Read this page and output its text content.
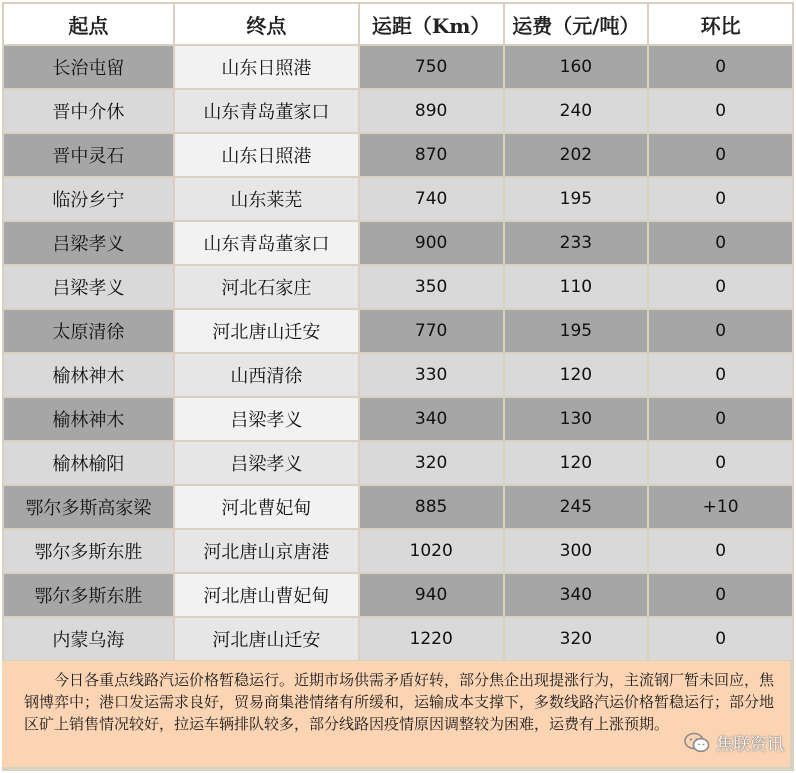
起点	终点	运距（Km）	运费（元/吨）	环比
长治屯留	山东日照港	750	160	0
晋中介休	山东青岛董家口	890	240	0
晋中灵石	山东日照港	870	202	0
临汾乡宁	山东莱芜	740	195	0
吕梁孝义	山东青岛董家口	900	233	0
吕梁孝义	河北石家庄	350	110	0
太原清徐	河北唐山迁安	770	195	0
榆林神木	山西清徐	330	120	0
榆林神木	吕梁孝义	340	130	0
榆林榆阳	吕梁孝义	320	120	0
鄂尔多斯高家梁	河北曹妃甸	885	245	+10
鄂尔多斯东胜	河北唐山京唐港	1020	300	0
鄂尔多斯东胜	河北唐山曹妃甸	940	340	0
内蒙乌海	河北唐山迁安	1220	320	0
今日各重点线路汽运价格暂稳运行。近期市场供需矛盾好转，部分焦企出现提涨行为，主流钢厂暂未回应，焦钢博弈中；港口发运需求良好，贸易商集港情绪有所缓和，运输成本支撑下，多数线路汽运价格暂稳运行；部分地区矿上销售情况较好，拉运车辆排队较多，部分线路因疫情原因调整较为困难，运费有上涨预期。
焦联资讯
